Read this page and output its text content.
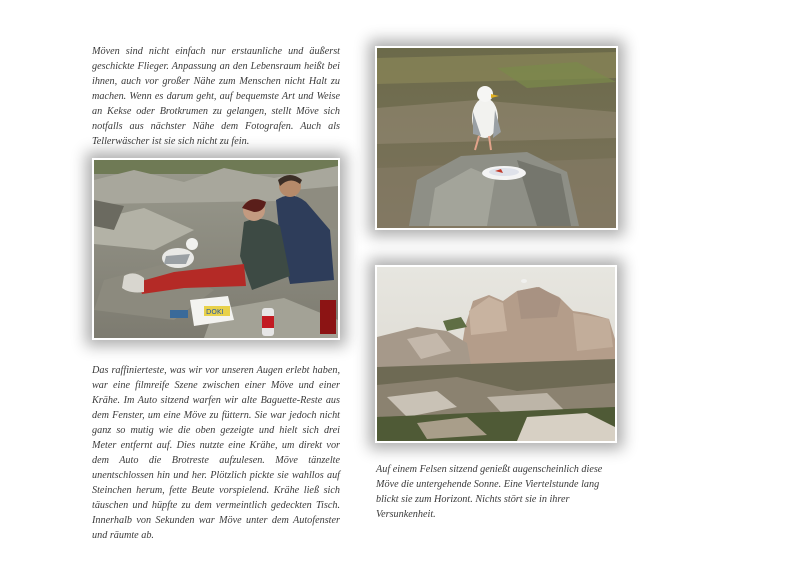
Möven sind nicht einfach nur erstaunliche und äußerst geschickte Flieger. Anpassung an den Lebensraum heißt bei ihnen, auch vor großer Nähe zum Menschen nicht Halt zu machen. Wenn es darum geht, auf bequemste Art und Weise an Kekse oder Brotkrumen zu gelangen, stellt Möve sich notfalls aus nächster Nähe dem Fotografen. Auch als Tellerwäscher ist sie sich nicht zu fein.

DOKI

Das raffinierteste, was wir vor unseren Augen erlebt haben, war eine filmreife Szene zwischen einer Möve und einer Krähe. Im Auto sitzend warfen wir alte Baguette-Reste aus dem Fenster, um eine Möve zu füttern. Sie war jedoch nicht ganz so mutig wie die oben gezeigte und hielt sich drei Meter entfernt auf. Dies nutzte eine Krähe, um direkt vor dem Auto die Brotreste aufzulesen. Möve tänzelte unentschlossen hin und her. Plötzlich pickte sie wahllos auf Steinchen herum, fette Beute vorspielend. Krähe ließ sich täuschen und hüpfte zu dem vermeintlich gedeckten Tisch. Innerhalb von Sekunden war Möve unter dem Autofenster und räumte ab.

Auf einem Felsen sitzend genießt augenscheinlich diese Möve die untergehende Sonne. Eine Viertelstunde lang blickt sie zum Horizont. Nichts stört sie in ihrer Versunkenheit.
